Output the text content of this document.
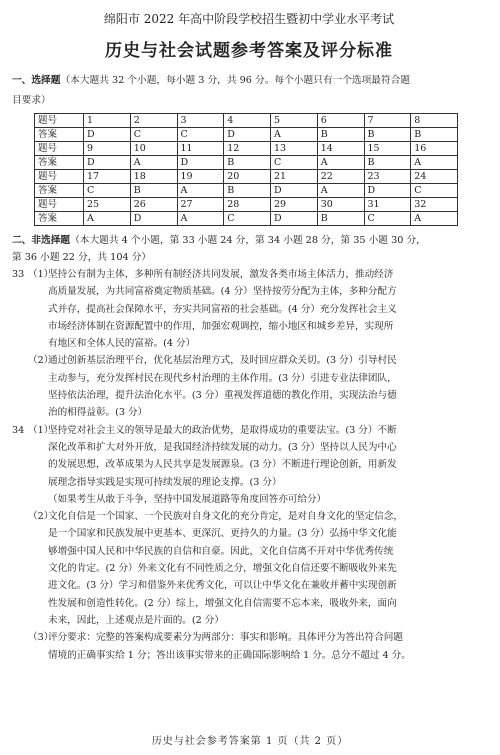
绵阳市 2022 年高中阶段学校招生暨初中学业水平考试
历史与社会试题参考答案及评分标准
一、选择题（本大题共 32 个小题，每小题 3 分，共 96 分。每个小题只有一个选项最符合题
目要求）
题号	1	2	3	4	5	6	7	8
答案	D	C	C	D	A	B	B	B
题号	9	10	11	12	13	14	15	16
答案	D	A	D	B	C	A	B	A
题号	17	18	19	20	21	22	23	24
答案	C	B	A	B	D	A	D	C
题号	25	26	27	28	29	30	31	32
答案	A	D	A	C	D	B	C	A
二、非选择题（本大题共 4 个小题，第 33 小题 24 分，第 34 小题 28 分，第 35 小题 30 分，
第 36 小题 22 分，共 104 分）
33 （1）坚持公有制为主体，多种所有制经济共同发展，激发各类市场主体活力，推动经济
高质量发展，为共同富裕奠定物质基础。(4 分）坚持按劳分配为主体，多种分配方
式并存，提高社会保障水平，夯实共同富裕的社会基础。(4 分）充分发挥社会主义
市场经济体制在资源配置中的作用，加强宏观调控，缩小地区和城乡差异，实现所
有地区和全体人民的富裕。(4 分）
（2）通过创新基层治理平台，优化基层治理方式，及时回应群众关切。(3 分）引导村民
主动参与，充分发挥村民在现代乡村治理的主体作用。(3 分）引进专业法律团队，
坚持依法治理，提升法治化水平。(3 分）重视发挥道德的教化作用，实现法治与德
治的相得益彰。(3 分）
34 （1）坚持党对社会主义的领导是最大的政治优势，是取得成功的重要法宝。(3 分）不断
深化改革和扩大对外开放，是我国经济持续发展的动力。(3 分）坚持以人民为中心
的发展思想，改革成果为人民共享是发展源泉。(3 分）不断进行理论创新，用新发
展理念指导实践是实现可持续发展的理论支撑。(3 分）
（如果考生从敢于斗争，坚持中国发展道路等角度回答亦可给分）
（2）文化自信是一个国家、一个民族对自身文化的充分肯定，是对自身文化的坚定信念，
是一个国家和民族发展中更基本、更深沉、更持久的力量。(3 分）弘扬中华文化能
够增强中国人民和中华民族的自信和自豪。因此，文化自信离不开对中华优秀传统
文化的肯定。(2 分）外来文化有不同性质之分，增强文化自信还要不断吸收外来先
进文化。(3 分）学习和借鉴外来优秀文化，可以让中华文化在兼收并蓄中实现创新
性发展和创造性转化。(2 分）综上，增强文化自信需要不忘本来，吸收外来，面向
未来，因此，上述观点是片面的。(2 分）
（3）评分要求：完整的答案构成要素分为两部分：事实和影响。具体评分为答出符合问题
情境的正确事实给 1 分；答出该事实带来的正确国际影响给 1 分。总分不超过 4 分。
历史与社会参考答案第 1 页（共 2 页）
